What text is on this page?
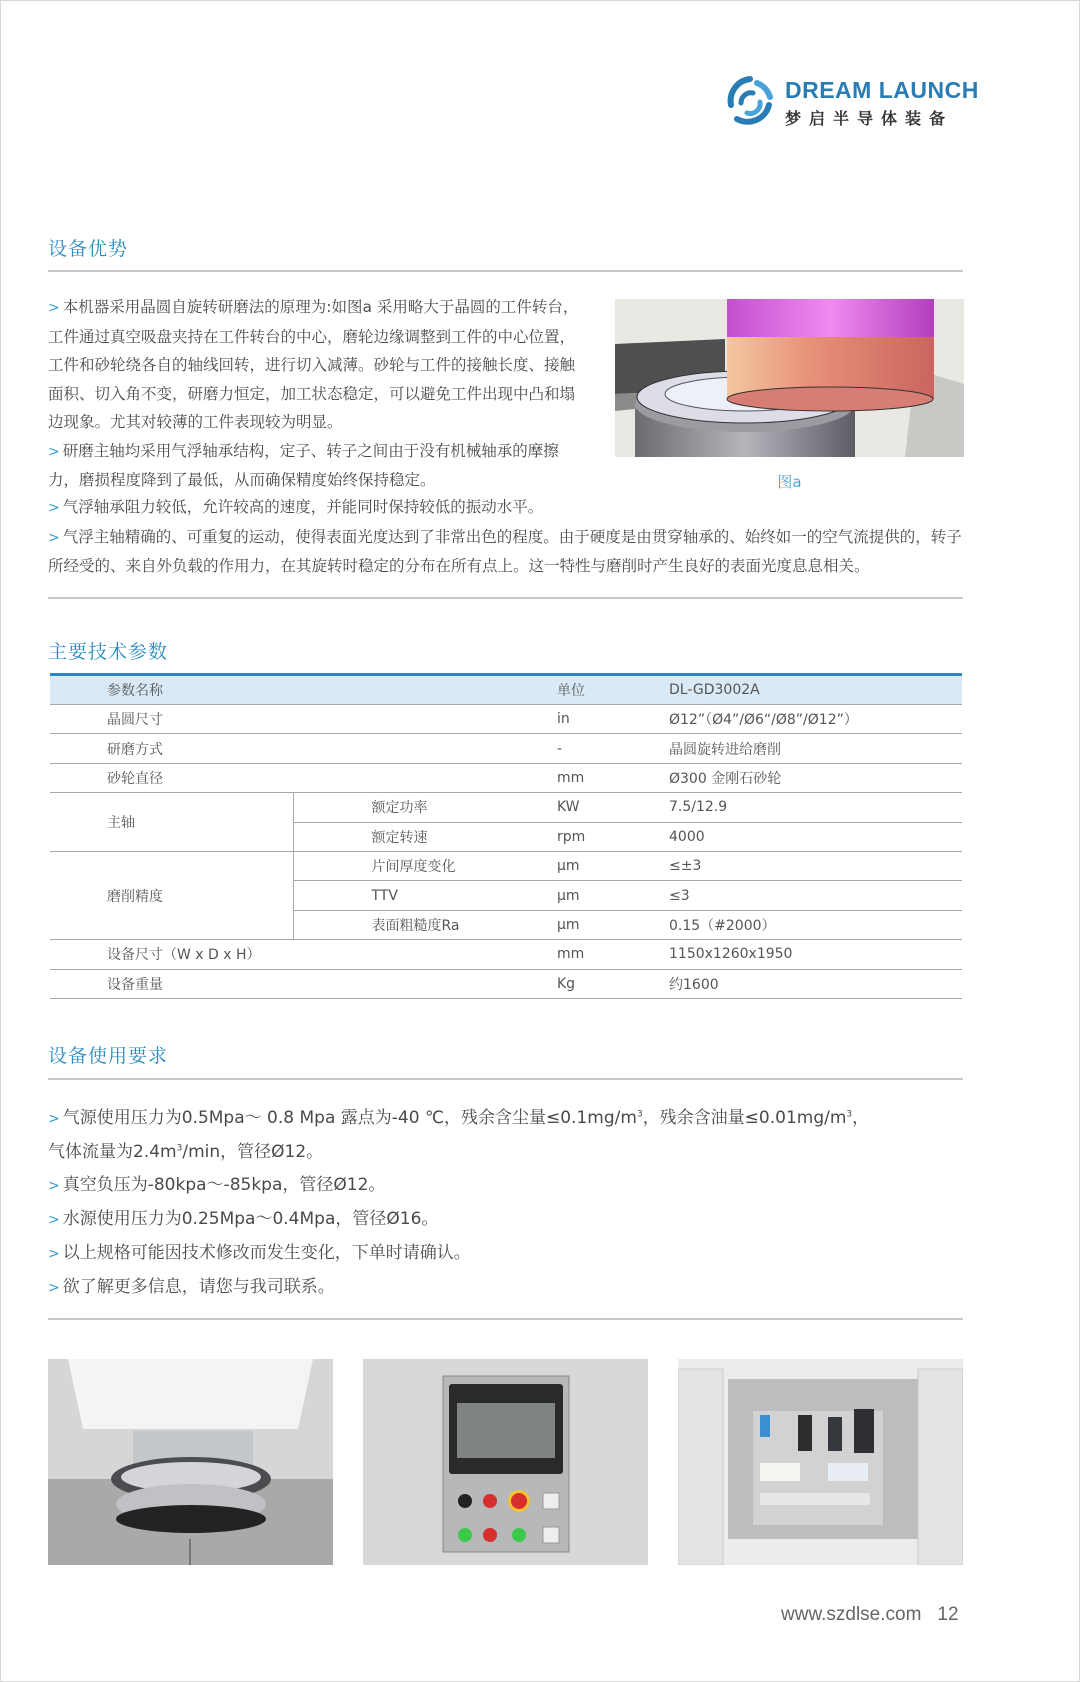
DREAM LAUNCH
梦启半导体装备
设备优势

> 本机器采用晶圆自旋转研磨法的原理为:如图a 采用略大于晶圆的工件转台，工件通过真空吸盘夹持在工件转台的中心，磨轮边缘调整到工件的中心位置，工件和砂轮绕各自的轴线回转，进行切入减薄。砂轮与工件的接触长度、接触面积、切入角不变，研磨力恒定，加工状态稳定，可以避免工件出现中凸和塌边现象。尤其对较薄的工件表现较为明显。

> 研磨主轴均采用气浮轴承结构，定子、转子之间由于没有机械轴承的摩擦力，磨损程度降到了最低，从而确保精度始终保持稳定。

> 气浮轴承阻力较低，允许较高的速度，并能同时保持较低的振动水平。

> 气浮主轴精确的、可重复的运动，使得表面光度达到了非常出色的程度。由于硬度是由贯穿轴承的、始终如一的空气流提供的，转子所经受的、来自外负载的作用力，在其旋转时稳定的分布在所有点上。这一特性与磨削时产生良好的表面光度息息相关。

图a
主要技术参数
	参数名称		单位	DL-GD3002A
	晶圆尺寸		in	Ø12”（Ø4”/Ø6“/Ø8”/Ø12”）
	研磨方式		-	晶圆旋转进给磨削
	砂轮直径		mm	Ø300 金刚石砂轮
	主轴	额定功率	KW	7.5/12.9
		额定转速	rpm	4000
	磨削精度	片间厚度变化	μm	≤±3
		TTV	μm	≤3
		表面粗糙度Ra	μm	0.15（#2000）
	设备尺寸（W x D x H）		mm	1150x1260x1950
	设备重量		Kg	约1600
设备使用要求

> 气源使用压力为0.5Mpa～ 0.8 Mpa 露点为-40 ℃，残余含尘量$\le 0.1mg/m^3$，残余含油量$\le 0.01mg/m^3$，

气体流量为$2.4m^3/\min$，管径Ø12。

> 真空负压为-80kpa～-85kpa，管径Ø12。

> 水源使用压力为0.25Mpa～0.4Mpa，管径Ø16。

> 以上规格可能因技术修改而发生变化，下单时请确认。

> 欲了解更多信息，请您与我司联系。

www.szdlse.com 12
